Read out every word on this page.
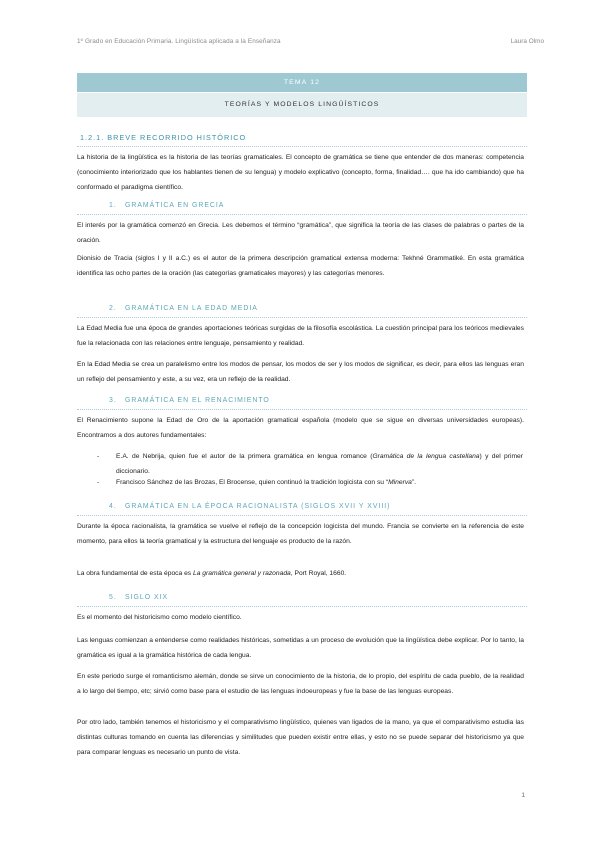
1º Grado en Educación Primaria. Lingüística aplicada a la Enseñanza	Laura Olmo
TEMA 12
TEORÍAS Y MODELOS LINGÜÍSTICOS
1.2.1. BREVE RECORRIDO HISTÓRICO
La historia de la lingüística es la historia de las teorías gramaticales. El concepto de gramática se tiene que entender de dos maneras: competencia (conocimiento interiorizado que los hablantes tienen de su lengua) y modelo explicativo (concepto, forma, finalidad…. que ha ido cambiando) que ha conformado el paradigma científico.
1. GRAMÁTICA EN GRECIA
El interés por la gramática comenzó en Grecia. Les debemos el término “gramática”, que significa la teoría de las clases de palabras o partes de la oración.
Dionisio de Tracia (siglos I y II a.C.) es el autor de la primera descripción gramatical extensa moderna: Tekhné Grammatiké. En esta gramática identifica las ocho partes de la oración (las categorías gramaticales mayores) y las categorías menores.
2. GRAMÁTICA EN LA EDAD MEDIA
La Edad Media fue una época de grandes aportaciones teóricas surgidas de la filosofía escolástica. La cuestión principal para los teóricos medievales fue la relacionada con las relaciones entre lenguaje, pensamiento y realidad.
En la Edad Media se crea un paralelismo entre los modos de pensar, los modos de ser y los modos de significar, es decir, para ellos las lenguas eran un reflejo del pensamiento y este, a su vez, era un reflejo de la realidad.
3. GRAMÁTICA EN EL RENACIMIENTO
El Renacimiento supone la Edad de Oro de la aportación gramatical española (modelo que se sigue en diversas universidades europeas). Encontramos a dos autores fundamentales:
-	E.A. de Nebrija, quien fue el autor de la primera gramática en lengua romance (Gramática de la lengua castellana) y del primer diccionario.
-	Francisco Sánchez de las Brozas, El Brocense, quien continuó la tradición logicista con su “Minerva”.
4. GRAMÁTICA EN LA ÉPOCA RACIONALISTA (SIGLOS XVII Y XVIII)
Durante la época racionalista, la gramática se vuelve el reflejo de la concepción logicista del mundo. Francia se convierte en la referencia de este momento, para ellos la teoría gramatical y la estructura del lenguaje es producto de la razón.
La obra fundamental de esta época es La gramática general y razonada, Port Royal, 1660.
5. SIGLO XIX
Es el momento del historicismo como modelo científico.
Las lenguas comienzan a entenderse como realidades históricas, sometidas a un proceso de evolución que la lingüística debe explicar. Por lo tanto, la gramática es igual a la gramática histórica de cada lengua.
En este periodo surge el romanticismo alemán, donde se sirve un conocimiento de la historia, de lo propio, del espíritu de cada pueblo, de la realidad a lo largo del tiempo, etc; sirvió como base para el estudio de las lenguas indoeuropeas y fue la base de las lenguas europeas.
Por otro lado, también tenemos el historicismo y el comparativismo lingüístico, quienes van ligados de la mano, ya que el comparativismo estudia las distintas culturas tomando en cuenta las diferencias y similitudes que pueden existir entre ellas, y esto no se puede separar del historicismo ya que para comparar lenguas es necesario un punto de vista.
1
